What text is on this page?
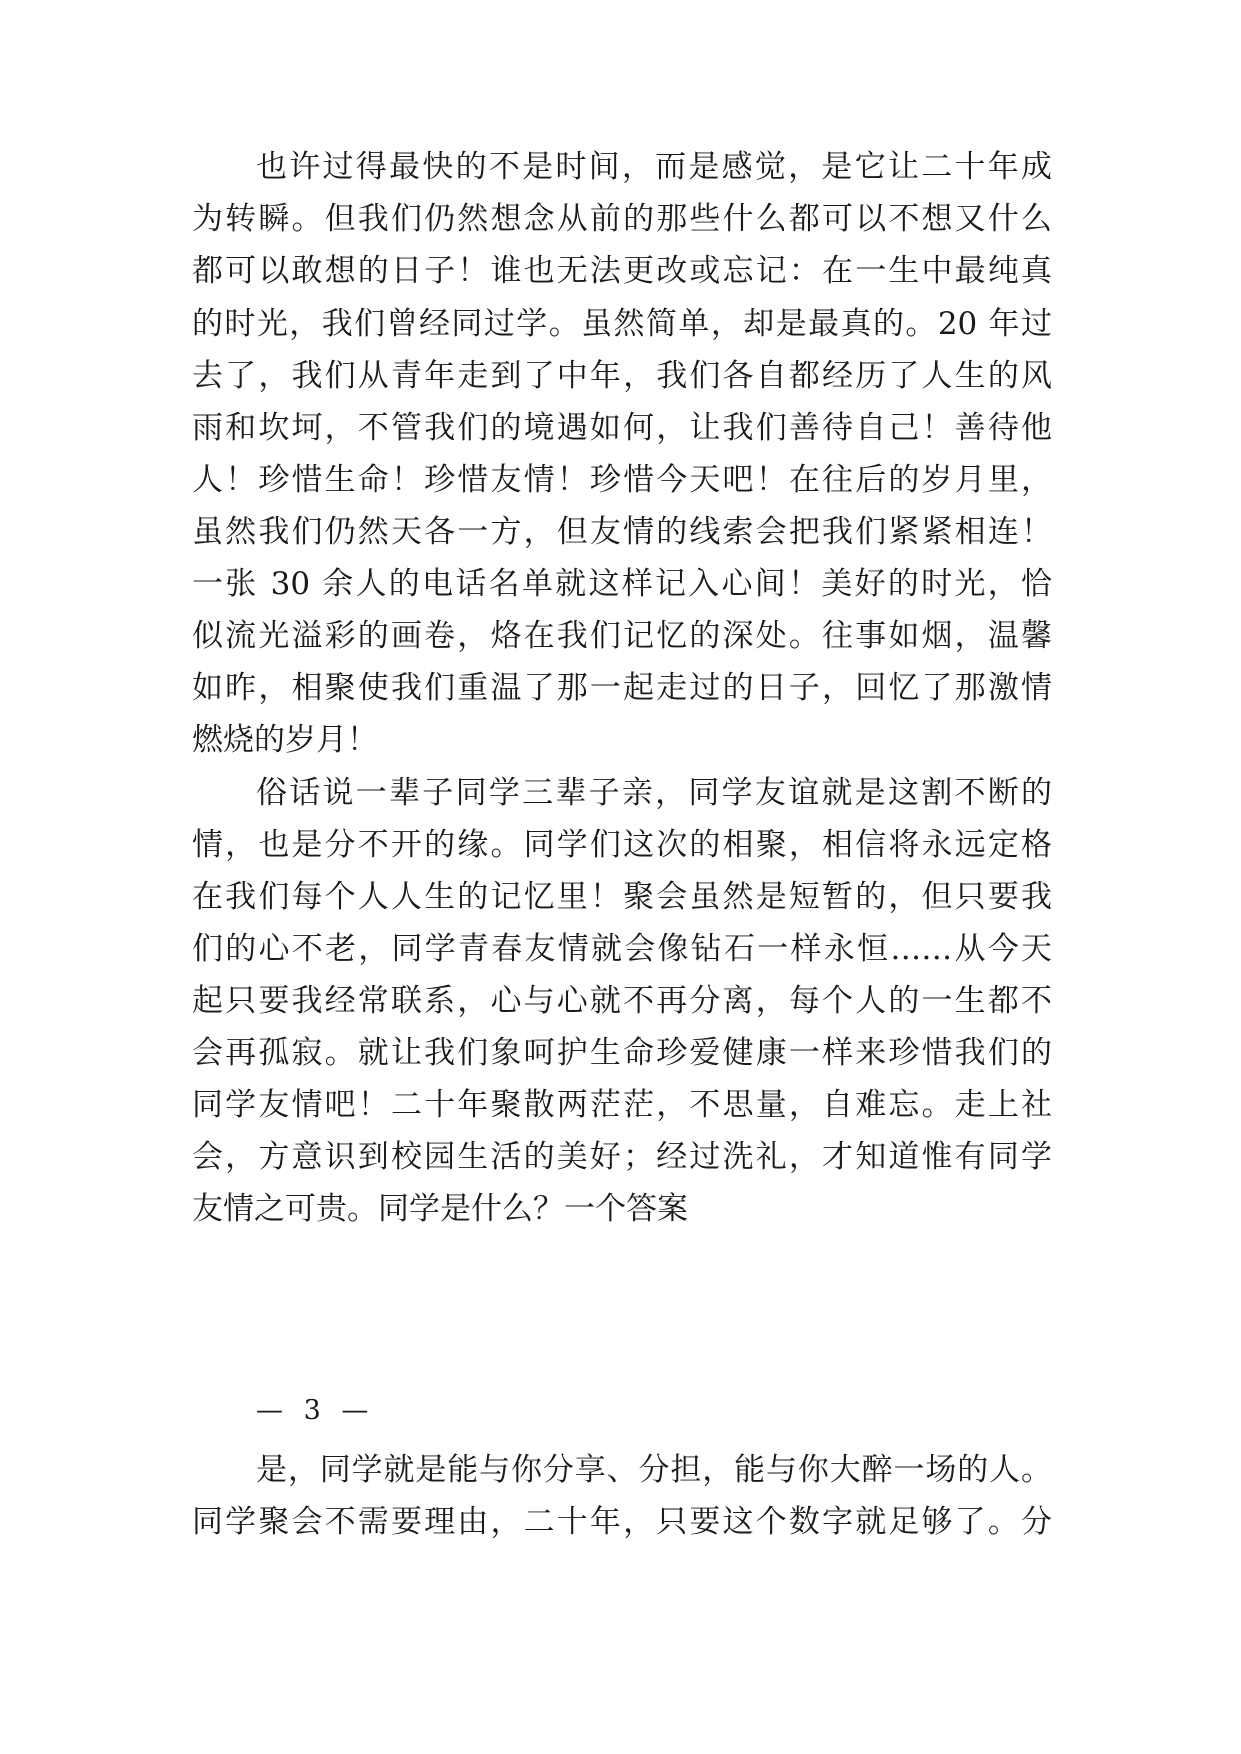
也许过得最快的不是时间，而是感觉，是它让二十年成
为转瞬。但我们仍然想念从前的那些什么都可以不想又什么
都可以敢想的日子！谁也无法更改或忘记：在一生中最纯真
的时光，我们曾经同过学。虽然简单，却是最真的。20 年过
去了，我们从青年走到了中年，我们各自都经历了人生的风
雨和坎坷，不管我们的境遇如何，让我们善待自己！善待他
人！珍惜生命！珍惜友情！珍惜今天吧！在往后的岁月里，
虽然我们仍然天各一方，但友情的线索会把我们紧紧相连！
一张 30 余人的电话名单就这样记入心间！美好的时光，恰
似流光溢彩的画卷，烙在我们记忆的深处。往事如烟，温馨
如昨，相聚使我们重温了那一起走过的日子，回忆了那激情
燃烧的岁月！
俗话说一辈子同学三辈子亲，同学友谊就是这割不断的
情，也是分不开的缘。同学们这次的相聚，相信将永远定格
在我们每个人人生的记忆里！聚会虽然是短暂的，但只要我
们的心不老，同学青春友情就会像钻石一样永恒……从今天
起只要我经常联系，心与心就不再分离，每个人的一生都不
会再孤寂。就让我们象呵护生命珍爱健康一样来珍惜我们的
同学友情吧！二十年聚散两茫茫，不思量，自难忘。走上社
会，方意识到校园生活的美好；经过洗礼，才知道惟有同学
友情之可贵。同学是什么？一个答案
— 3 —
是，同学就是能与你分享、分担，能与你大醉一场的人。
同学聚会不需要理由，二十年，只要这个数字就足够了。分
